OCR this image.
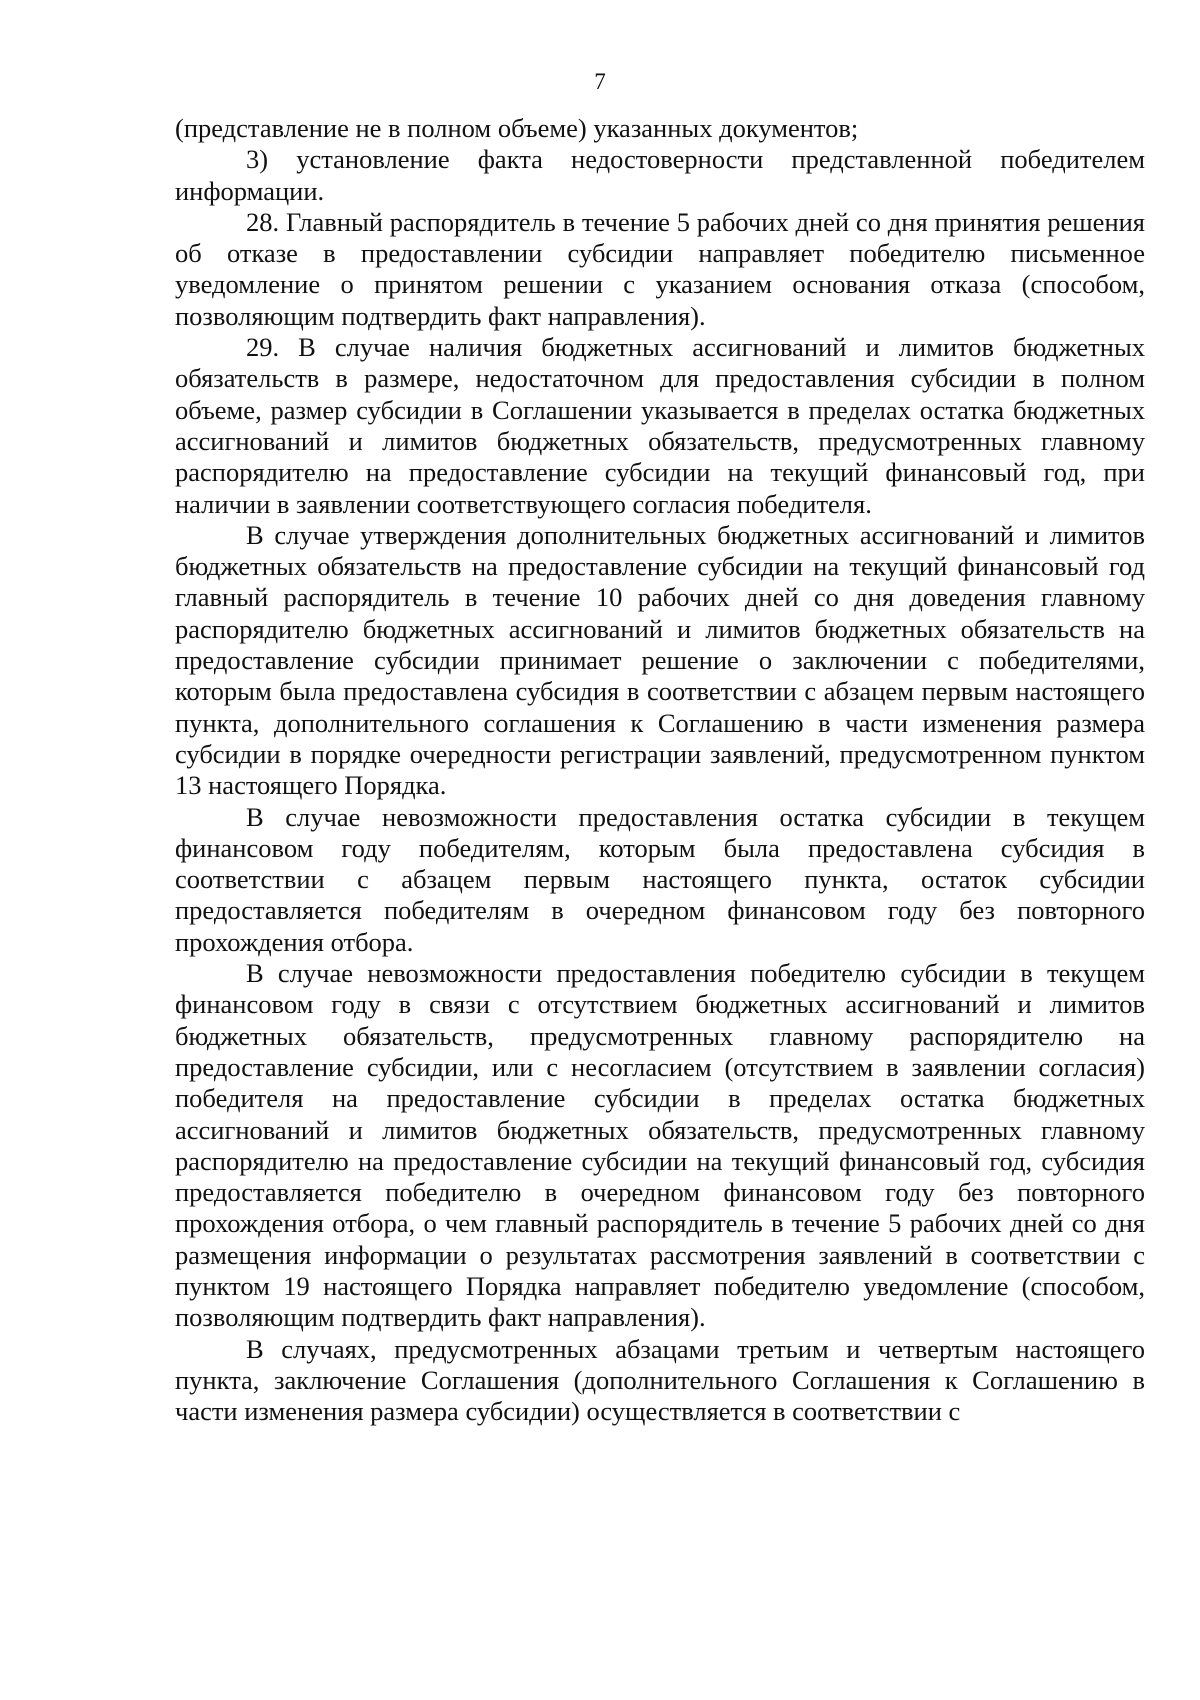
7

(представление не в полном объеме) указанных документов;

3) установление факта недостоверности представленной победителем информации.

28. Главный распорядитель в течение 5 рабочих дней со дня принятия решения об отказе в предоставлении субсидии направляет победителю письменное уведомление о принятом решении с указанием основания отказа (способом, позволяющим подтвердить факт направления).

29. В случае наличия бюджетных ассигнований и лимитов бюджетных обязательств в размере, недостаточном для предоставления субсидии в полном объеме, размер субсидии в Соглашении указывается в пределах остатка бюджетных ассигнований и лимитов бюджетных обязательств, предусмотренных главному распорядителю на предоставление субсидии на текущий финансовый год, при наличии в заявлении соответствующего согласия победителя.

В случае утверждения дополнительных бюджетных ассигнований и лимитов бюджетных обязательств на предоставление субсидии на текущий финансовый год главный распорядитель в течение 10 рабочих дней со дня доведения главному распорядителю бюджетных ассигнований и лимитов бюджетных обязательств на предоставление субсидии принимает решение о заключении с победителями, которым была предоставлена субсидия в соответствии с абзацем первым настоящего пункта, дополнительного соглашения к Соглашению в части изменения размера субсидии в порядке очередности регистрации заявлений, предусмотренном пунктом 13 настоящего Порядка.

В случае невозможности предоставления остатка субсидии в текущем финансовом году победителям, которым была предоставлена субсидия в соответствии с абзацем первым настоящего пункта, остаток субсидии предоставляется победителям в очередном финансовом году без повторного прохождения отбора.

В случае невозможности предоставления победителю субсидии в текущем финансовом году в связи с отсутствием бюджетных ассигнований и лимитов бюджетных обязательств, предусмотренных главному распорядителю на предоставление субсидии, или с несогласием (отсутствием в заявлении согласия) победителя на предоставление субсидии в пределах остатка бюджетных ассигнований и лимитов бюджетных обязательств, предусмотренных главному распорядителю на предоставление субсидии на текущий финансовый год, субсидия предоставляется победителю в очередном финансовом году без повторного прохождения отбора, о чем главный распорядитель в течение 5 рабочих дней со дня размещения информации о результатах рассмотрения заявлений в соответствии с пунктом 19 настоящего Порядка направляет победителю уведомление (способом, позволяющим подтвердить факт направления).

В случаях, предусмотренных абзацами третьим и четвертым настоящего пункта, заключение Соглашения (дополнительного Соглашения к Соглашению в части изменения размера субсидии) осуществляется в соответствии с
